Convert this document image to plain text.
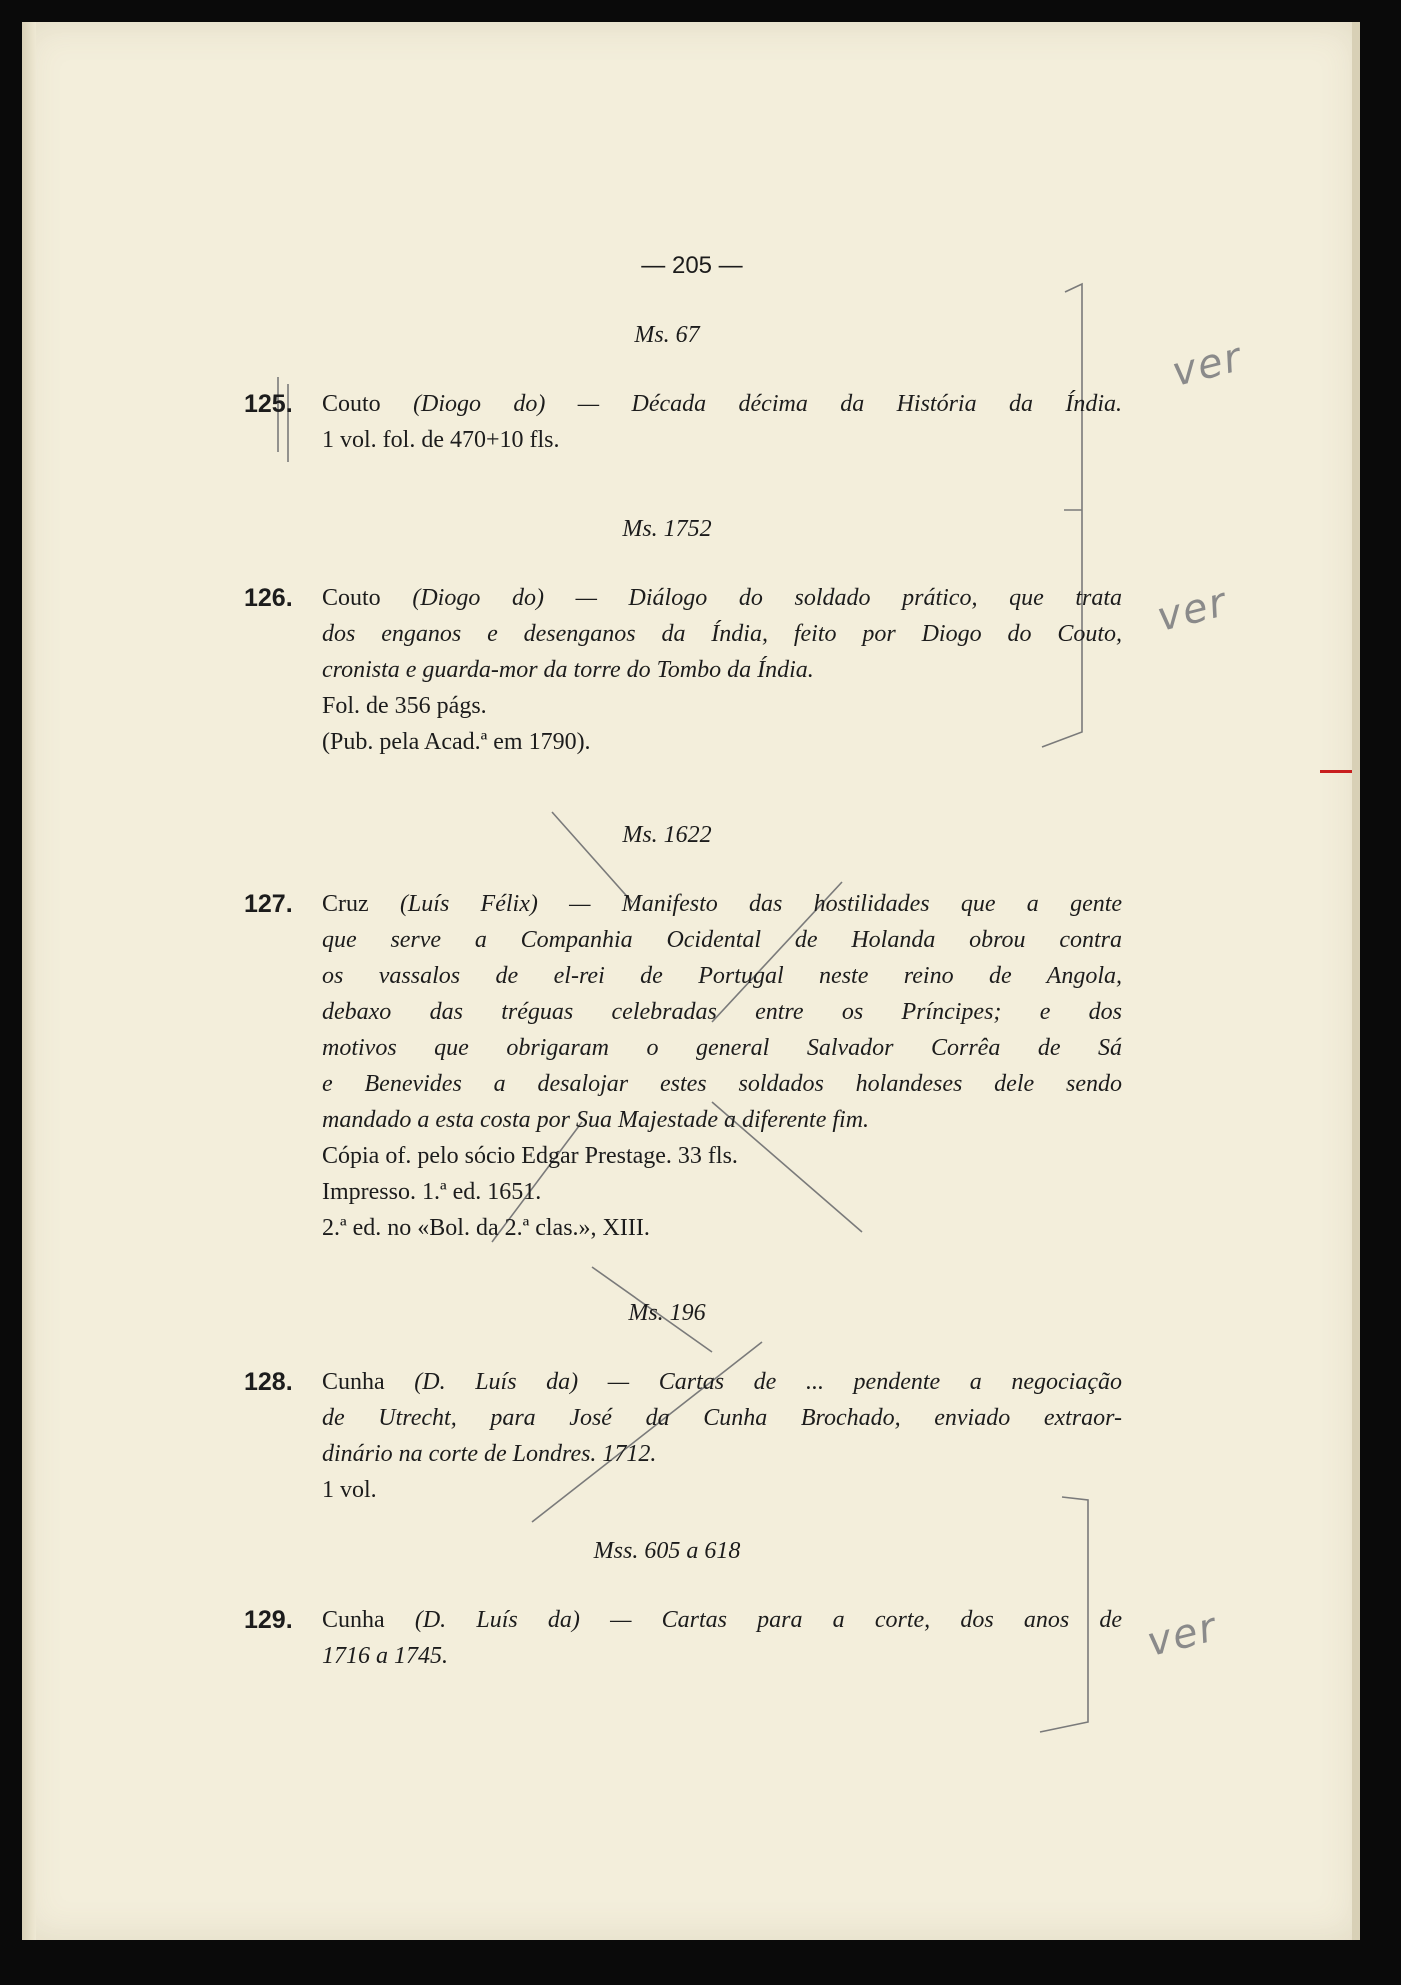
— 205 —
Ms. 67
125. Couto (Diogo do) — Década décima da História da Índia.
1 vol. fol. de 470+10 fls.
Ms. 1752
126. Couto (Diogo do) — Diálogo do soldado prático, que trata
dos enganos e desenganos da Índia, feito por Diogo do Couto,
cronista e guarda-mor da torre do Tombo da Índia.
Fol. de 356 págs.
(Pub. pela Acad.ª em 1790).
Ms. 1622
127. Cruz (Luís Félix) — Manifesto das hostilidades que a gente
que serve a Companhia Ocidental de Holanda obrou contra
os vassalos de el-rei de Portugal neste reino de Angola,
debaxo das tréguas celebradas entre os Príncipes; e dos
motivos que obrigaram o general Salvador Corrêa de Sá
e Benevides a desalojar estes soldados holandeses dele sendo
mandado a esta costa por Sua Majestade a diferente fim.
Cópia of. pelo sócio Edgar Prestage. 33 fls.
Impresso. 1.ª ed. 1651.
2.ª ed. no «Bol. da 2.ª clas.», XIII.
Ms. 196
128. Cunha (D. Luís da) — Cartas de ... pendente a negociação
de Utrecht, para José da Cunha Brochado, enviado extraor-
dinário na corte de Londres. 1712.
1 vol.
Mss. 605 a 618
129. Cunha (D. Luís da) — Cartas para a corte, dos anos de
1716 a 1745.
ver
ver
ver
